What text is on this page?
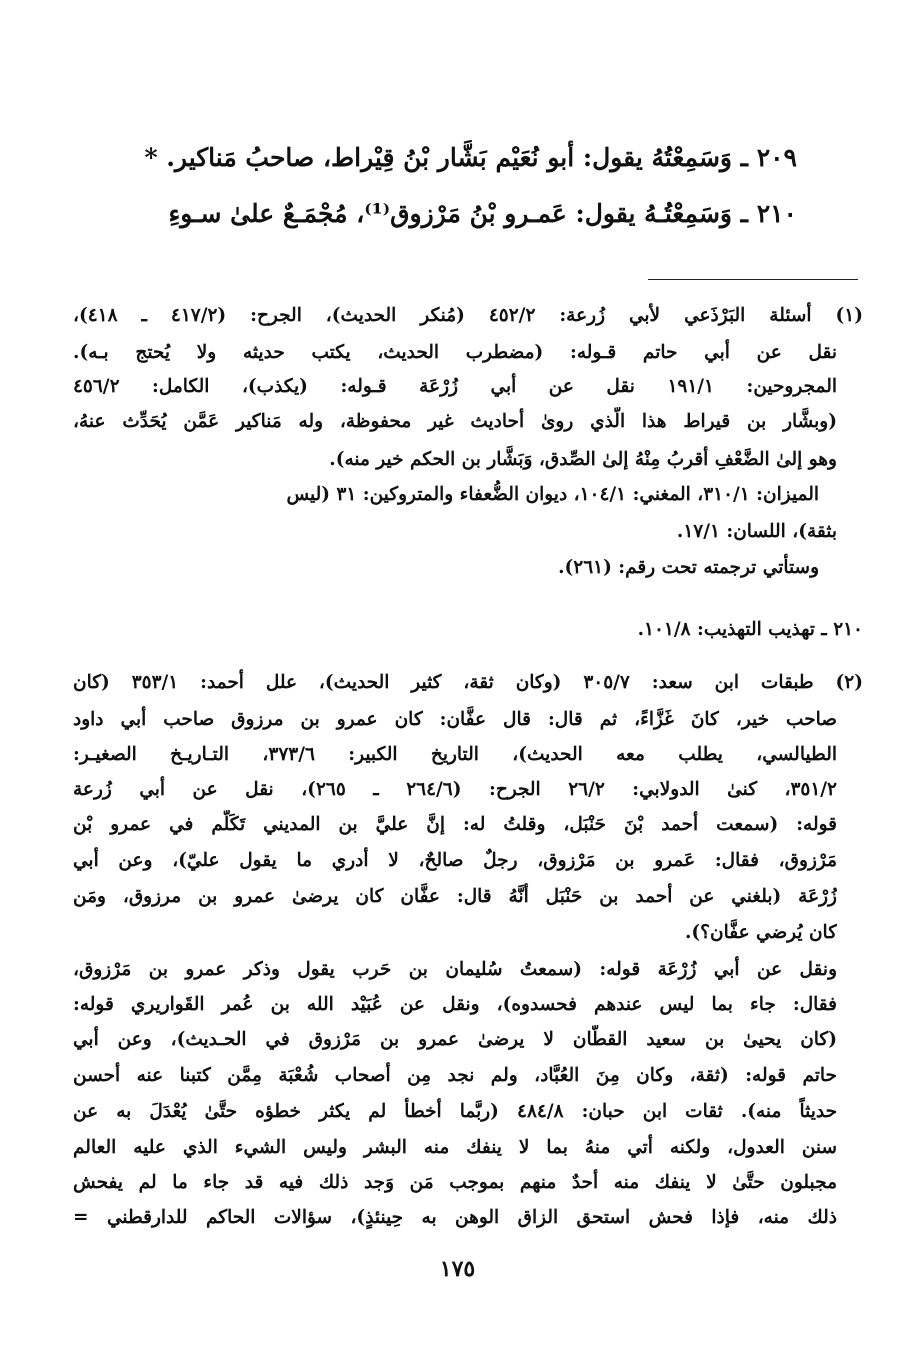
٢٠٩ ـ وَسَمِعْتُهُ يقول: أبو نُعَيْم بَشَّار بْنُ قِيْراط، صاحبُ مَناكير. *
٢١٠ ـ وَسَمِعْتُـهُ يقول: عَمـرو بْنُ مَرْزوق⁽¹⁾، مُجْمَـعٌ علىٰ سـوءِ
(١) أسئلة البَرْذَعي لأبي زُرعة: ٤٥٢/٢ (مُنكر الحديث)، الجرح: (٤١٧/٢ ـ ٤١٨)،
نقل عن أبي حاتم قـوله: (مضطرب الحديث، يكتب حديثه ولا يُحتج بـه).
المجروحين: ١٩١/١ نقل عن أبي زُرْعَة قـوله: (يكذب)، الكامل: ٤٥٦/٢
(وبشَّار بن قيراط هذا الَّذي روىٰ أحاديث غير محفوظة، وله مَناكير عَمَّن يُحَدِّث عنهُ،
وهو إلىٰ الضَّعْفِ أقربُ مِنْهُ إلىٰ الصِّدق، وَبَشَّار بن الحكم خير منه).
الميزان: ٣١٠/١، المغني: ١٠٤/١، ديوان الضُّعفاء والمتروكين: ٣١ (ليس
بثقة)، اللسان: ١٧/١.
وستأتي ترجمته تحت رقم: (٢٦١).
٢١٠ ـ تهذيب التهذيب: ١٠١/٨.
(٢) طبقات ابن سعد: ٣٠٥/٧ (وكان ثقة، كثير الحديث)، علل أحمد: ٣٥٣/١ (كان
صاحب خير، كانَ غَزَّاءً، ثم قال: قال عفَّان: كان عمرو بن مرزوق صاحب أبي داود
الطيالسي، يطلب معه الحديث)، التاريخ الكبير: ٣٧٣/٦، التـاريـخ الصغيـر:
٣٥١/٢، كنىٰ الدولابي: ٢٦/٢ الجرح: (٢٦٤/٦ ـ ٢٦٥)، نقل عن أبي زُرعة
قوله: (سمعت أحمد بْنَ حَنْبَل، وقلتُ له: إنَّ عليَّ بن المديني تَكَلَّم في عمرو بْن
مَرْزوق، فقال: عَمرو بن مَرْزوق، رجلٌ صالحٌ، لا أدري ما يقول عليّ)، وعن أبي
زُرْعَة (بلغني عن أحمد بن حَنْبَل أنَّهُ قال: عفَّان كان يرضىٰ عمرو بن مرزوق، ومَن
كان يُرضي عفَّان؟).
ونقل عن أبي زُرْعَة قوله: (سمعتُ سُليمان بن حَرب يقول وذكر عمرو بن مَرْزوق،
فقال: جاء بما ليس عندهم فحسدوه)، ونقل عن عُبَيْد الله بن عُمر القَواريري قوله:
(كان يحيىٰ بن سعيد القطَّان لا يرضىٰ عمرو بن مَرْزوق في الحـديث)، وعن أبي
حاتم قوله: (ثقة، وكان مِنَ العُبَّاد، ولم نجد مِن أصحاب شُعْبَة مِمَّن كتبنا عنه أحسن
حديثاً منه). ثقات ابن حبان: ٤٨٤/٨ (ربَّما أخطأ لم يكثر خطؤه حتَّىٰ يُعْدَلَ به عن
سنن العدول، ولكنه أتي منهُ بما لا ينفك منه البشر وليس الشيء الذي عليه العالم
مجبلون حتَّىٰ لا ينفك منه أحدٌ منهم بموجب مَن وَجد ذلك فيه قد جاء ما لم يفحش
ذلك منه، فإذا فحش استحق الزاق الوهن به حِينئذٍ)، سؤالات الحاكم للدارقطني =
١٧٥
